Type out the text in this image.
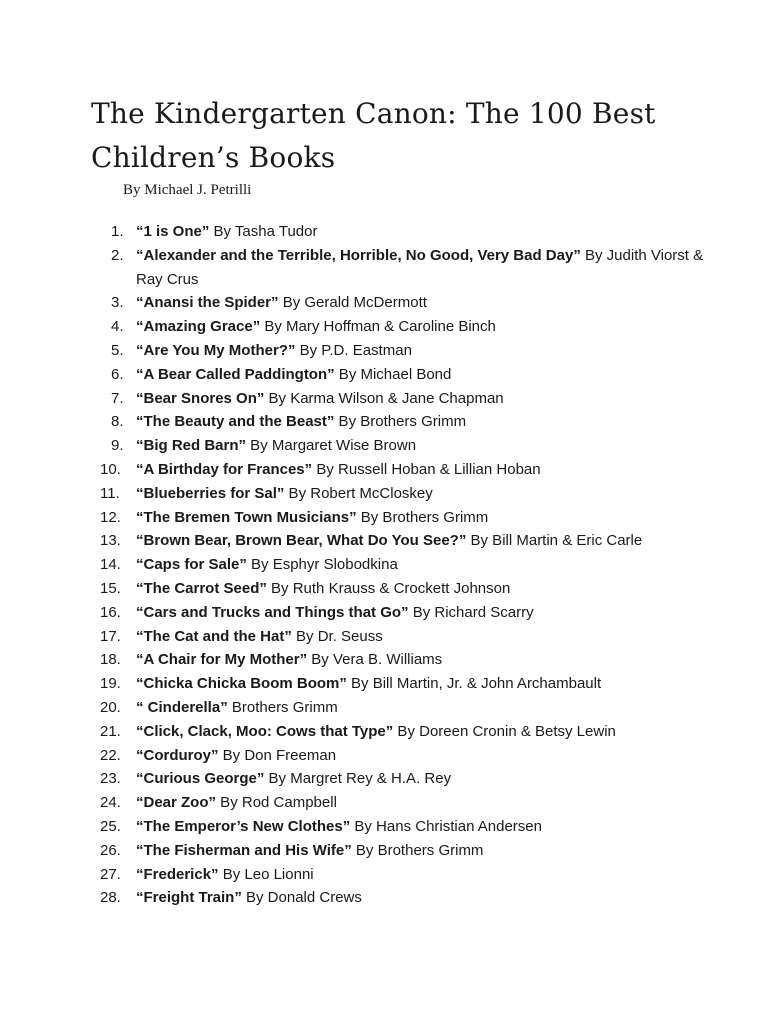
The Kindergarten Canon: The 100 Best Children’s Books
By Michael J. Petrilli
1. “1 is One” By Tasha Tudor
2. “Alexander and the Terrible, Horrible, No Good, Very Bad Day” By Judith Viorst & Ray Crus
3. “Anansi the Spider” By Gerald McDermott
4. “Amazing Grace” By Mary Hoffman & Caroline Binch
5. “Are You My Mother?” By P.D. Eastman
6. “A Bear Called Paddington” By Michael Bond
7. “Bear Snores On” By Karma Wilson & Jane Chapman
8. “The Beauty and the Beast” By Brothers Grimm
9. “Big Red Barn” By Margaret Wise Brown
10.	“A Birthday for Frances” By Russell Hoban & Lillian Hoban
11.	“Blueberries for Sal” By Robert McCloskey
12.	“The Bremen Town Musicians” By Brothers Grimm
13.	“Brown Bear, Brown Bear, What Do You See?” By Bill Martin & Eric Carle
14.	“Caps for Sale” By Esphyr Slobodkina
15.	“The Carrot Seed” By Ruth Krauss & Crockett Johnson
16.	“Cars and Trucks and Things that Go” By Richard Scarry
17.	“The Cat and the Hat” By Dr. Seuss
18.	“A Chair for My Mother” By Vera B. Williams
19.	“Chicka Chicka Boom Boom” By Bill Martin, Jr. & John Archambault
20.	“ Cinderella” Brothers Grimm
21.	“Click, Clack, Moo: Cows that Type” By Doreen Cronin & Betsy Lewin
22.	“Corduroy” By Don Freeman
23.	“Curious George” By Margret Rey & H.A. Rey
24.	“Dear Zoo” By Rod Campbell
25.	“The Emperor’s New Clothes” By Hans Christian Andersen
26.	“The Fisherman and His Wife” By Brothers Grimm
27.	“Frederick” By Leo Lionni
28.	“Freight Train” By Donald Crews
